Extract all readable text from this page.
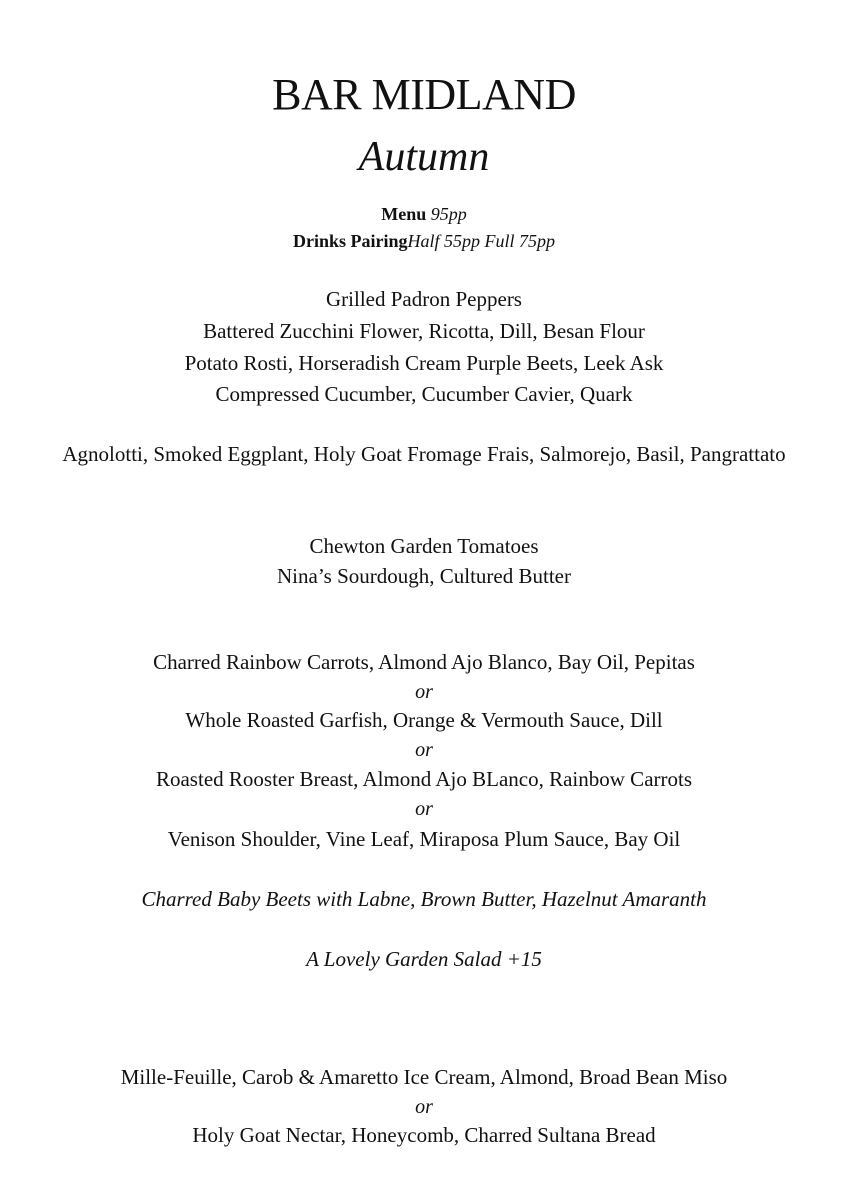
BAR MIDLAND
Autumn
Menu 95pp
Drinks PairingHalf 55pp Full 75pp
Grilled Padron Peppers
Battered Zucchini Flower, Ricotta, Dill, Besan Flour
Potato Rosti, Horseradish Cream Purple Beets, Leek Ask
Compressed Cucumber, Cucumber Cavier, Quark
Agnolotti, Smoked Eggplant, Holy Goat Fromage Frais, Salmorejo, Basil, Pangrattato
Chewton Garden Tomatoes
Nina’s Sourdough, Cultured Butter
Charred Rainbow Carrots, Almond Ajo Blanco, Bay Oil, Pepitas
or
Whole Roasted Garfish, Orange & Vermouth Sauce, Dill
or
Roasted Rooster Breast, Almond Ajo BLanco, Rainbow Carrots
or
Venison Shoulder, Vine Leaf, Miraposa Plum Sauce, Bay Oil
Charred Baby Beets with Labne, Brown Butter, Hazelnut Amaranth
A Lovely Garden Salad +15
Mille-Feuille, Carob & Amaretto Ice Cream, Almond, Broad Bean Miso
or
Holy Goat Nectar, Honeycomb, Charred Sultana Bread
